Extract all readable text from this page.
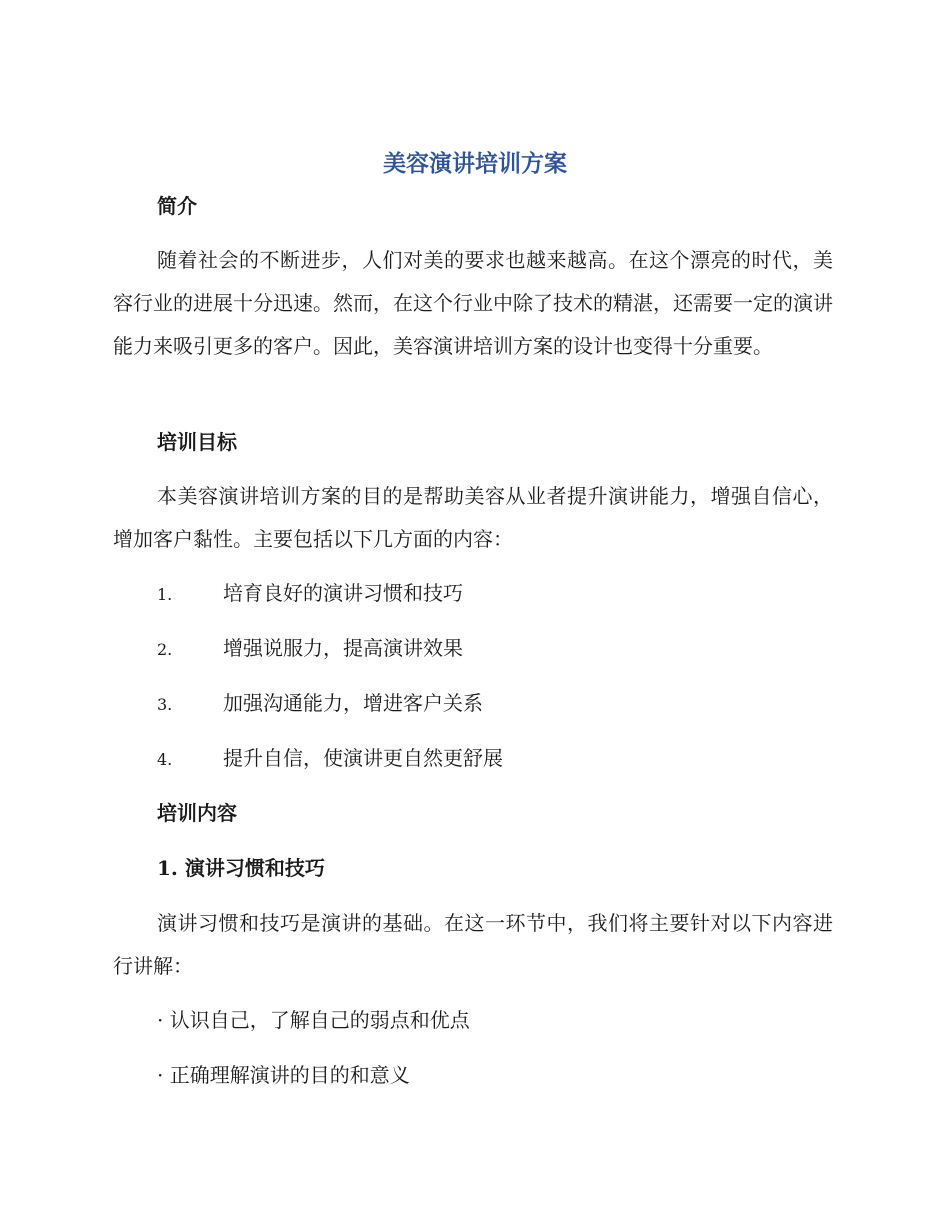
美容演讲培训方案
简介

随着社会的不断进步，人们对美的要求也越来越高。在这个漂亮的时代，美容行业的进展十分迅速。然而，在这个行业中除了技术的精湛，还需要一定的演讲能力来吸引更多的客户。因此，美容演讲培训方案的设计也变得十分重要。

培训目标

本美容演讲培训方案的目的是帮助美容从业者提升演讲能力，增强自信心，增加客户黏性。主要包括以下几方面的内容：

1.	培育良好的演讲习惯和技巧
2.	增强说服力，提高演讲效果
3.	加强沟通能力，增进客户关系
4.	提升自信，使演讲更自然更舒展
培训内容
1. 演讲习惯和技巧

演讲习惯和技巧是演讲的基础。在这一环节中，我们将主要针对以下内容进行讲解：

· 认识自己，了解自己的弱点和优点
· 正确理解演讲的目的和意义
